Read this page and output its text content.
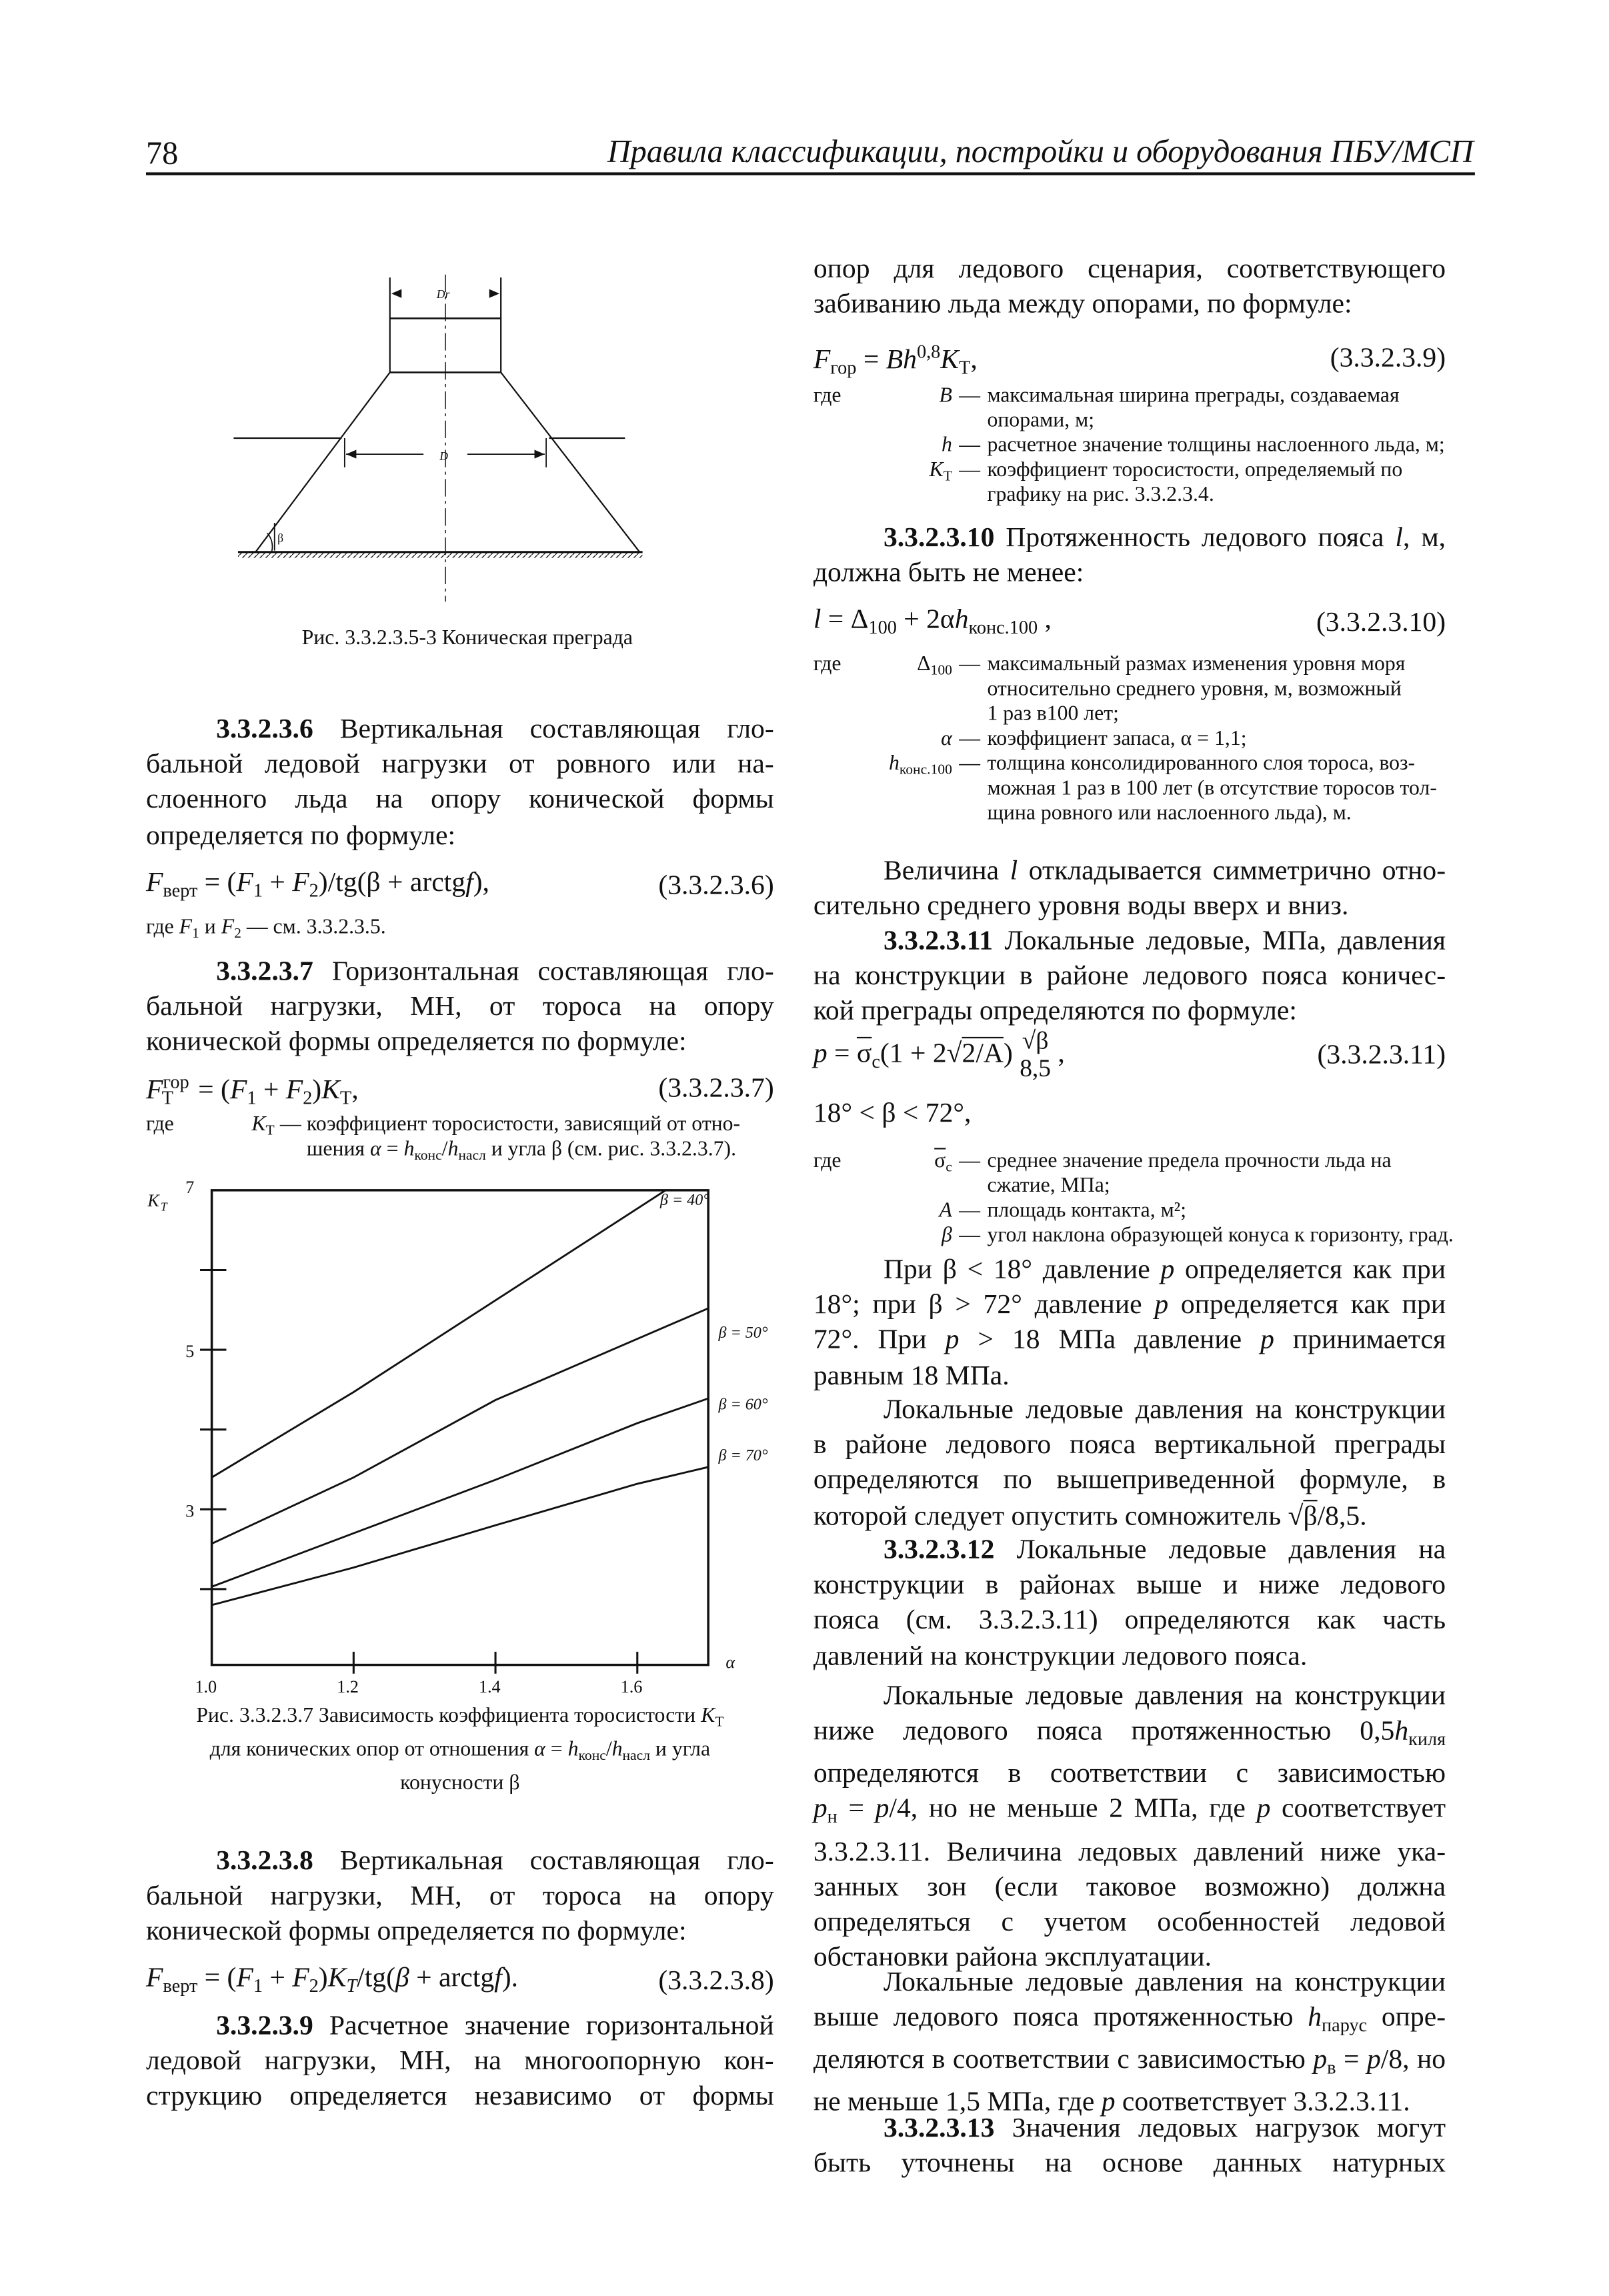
78	Правила классификации, постройки и оборудования ПБУ/МСП
Dr
D
β
Рис. 3.3.2.3.5-3 Коническая преграда
3.3.2.3.6 Вертикальная составляющая гло-
бальной ледовой нагрузки от ровного или на-
слоенного льда на опору конической формы
определяется по формуле:
$F_{верт} = (F_1 + F_2)/tg(\beta$ + arctgf),	(3.3.2.3.6)
где $F_1$ и $F_2$ — см. 3.3.2.3.5.
3.3.2.3.7 Горизонтальная составляющая гло-
бальной нагрузки, МН, от тороса на опору
конической формы определяется по формуле:
$F^{гор}_Т = (F_1 + F_2)K_Т$,	(3.3.2.3.7)
где	$K_Т$ — коэффициент торосистости, зависящий от отно-
шения $\alpha = h_{конс}/h_{насл}$ и угла β (см. рис. 3.3.2.3.7).
3
5
7
1.0	1.2	1.4	1.6
α
K T	β = 40°
β = 50°
β = 60°
β = 70°
Рис. 3.3.2.3.7 Зависимость коэффициента торосистости $K_Т$
для конических опор от отношения $\alpha = h_{конс}/h_{насл}$ и угла
конусности β
3.3.2.3.8 Вертикальная составляющая гло-
бальной нагрузки, МН, от тороса на опору
конической формы определяется по формуле:
$F_{верт} = (F_1 + F_2)K_T/tg(\beta$ + arctgf).	(3.3.2.3.8)
3.3.2.3.9 Расчетное значение горизонтальной
ледовой нагрузки, МН, на многоопорную кон-
струкцию определяется независимо от формы
опор для ледового сценария, соответствующего
забиванию льда между опорами, по формуле:
$F_{гор} = Bh^{0,8}K_Т$,	(3.3.2.3.9)
где	B — максимальная ширина преграды, создаваемая
опорами, м;
h — расчетное значение толщины наслоенного льда, м;
$K_Т$ — коэффициент торосистости, определяемый по
графику на рис. 3.3.2.3.4.
3.3.2.3.10 Протяженность ледового пояса l, м,
должна быть не менее:
$l = \Delta_{100} + 2\alpha h_{конс.100}$ ,	(3.3.2.3.10)
где	$\Delta_{100}$ — максимальный размах изменения уровня моря
относительно среднего уровня, м, возможный
1 раз в100 лет;
α — коэффициент запаса, α = 1,1;
$h_{конс.100}$ — толщина консолидированного слоя тороса, воз-
можная 1 раз в 100 лет (в отсутствие торосов тол-
щина ровного или наслоенного льда), м.
Величина l откладывается симметрично отно-
сительно среднего уровня воды вверх и вниз.
3.3.2.3.11 Локальные ледовые, МПа, давления
на конструкции в районе ледового пояса коничес-
кой преграды определяются по формуле:
$p = \overline{\sigma}_c(1 + 2√2/A)$ √β
8,5 ,	(3.3.2.3.11)
18° < β < 72°,
где	$\overline{\sigma}_c$ — среднее значение предела прочности льда на
сжатие, МПа;
A — площадь контакта, м²;
β — угол наклона образующей конуса к горизонту, град.
При β < 18° давление p определяется как при
18°; при β > 72° давление p определяется как при
72°. При p > 18 МПа давление p принимается
равным 18 МПа.
Локальные ледовые давления на конструкции
в районе ледового пояса вертикальной преграды
определяются по вышеприведенной формуле, в
которой следует опустить сомножитель √β/8,5.
3.3.2.3.12 Локальные ледовые давления на
конструкции в районах выше и ниже ледового
пояса (см. 3.3.2.3.11) определяются как часть
давлений на конструкции ледового пояса.
Локальные ледовые давления на конструкции
ниже ледового пояса протяженностью $0,5h_{киля}$
определяются в соответствии с зависимостью
$p_н = p/4$, но не меньше 2 МПа, где p соответствует
3.3.2.3.11. Величина ледовых давлений ниже ука-
занных зон (если таковое возможно) должна
определяться с учетом особенностей ледовой
обстановки района эксплуатации.
Локальные ледовые давления на конструкции
выше ледового пояса протяженностью $h_{парус}$ опре-
деляются в соответствии с зависимостью $p_в = p/8$, но
не меньше 1,5 МПа, где p соответствует 3.3.2.3.11.
3.3.2.3.13 Значения ледовых нагрузок могут
быть уточнены на основе данных натурных
